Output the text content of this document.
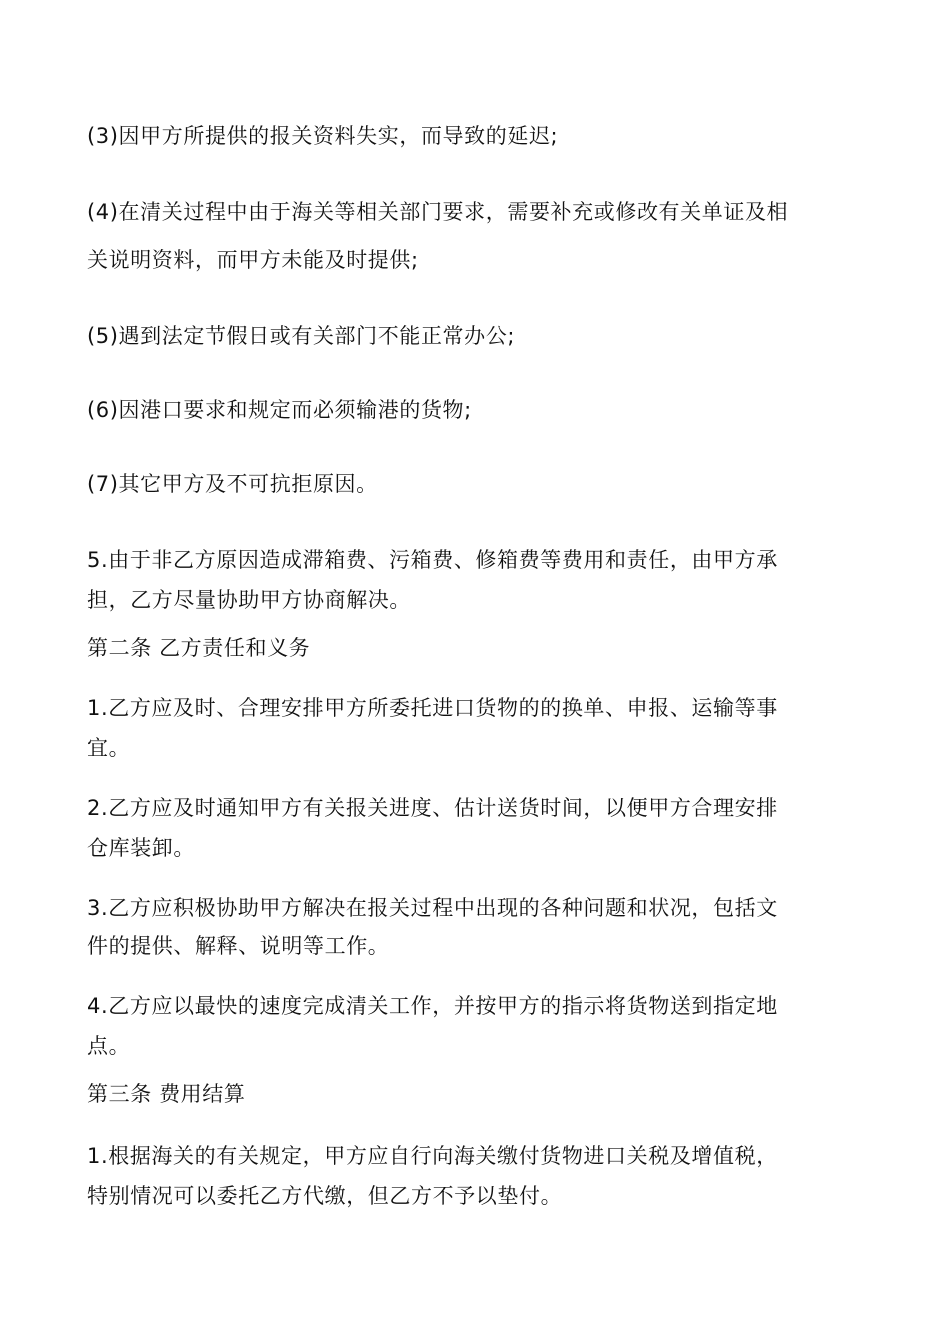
(3)因甲方所提供的报关资料失实，而导致的延迟;
(4)在清关过程中由于海关等相关部门要求，需要补充或修改有关单证及相
关说明资料，而甲方未能及时提供;
(5)遇到法定节假日或有关部门不能正常办公;
(6)因港口要求和规定而必须输港的货物;
(7)其它甲方及不可抗拒原因。
5.由于非乙方原因造成滞箱费、污箱费、修箱费等费用和责任，由甲方承
担，乙方尽量协助甲方协商解决。
第二条 乙方责任和义务
1.乙方应及时、合理安排甲方所委托进口货物的的换单、申报、运输等事
宜。
2.乙方应及时通知甲方有关报关进度、估计送货时间，以便甲方合理安排
仓库装卸。
3.乙方应积极协助甲方解决在报关过程中出现的各种问题和状况，包括文
件的提供、解释、说明等工作。
4.乙方应以最快的速度完成清关工作，并按甲方的指示将货物送到指定地
点。
第三条 费用结算
1.根据海关的有关规定，甲方应自行向海关缴付货物进口关税及增值税，
特别情况可以委托乙方代缴，但乙方不予以垫付。
